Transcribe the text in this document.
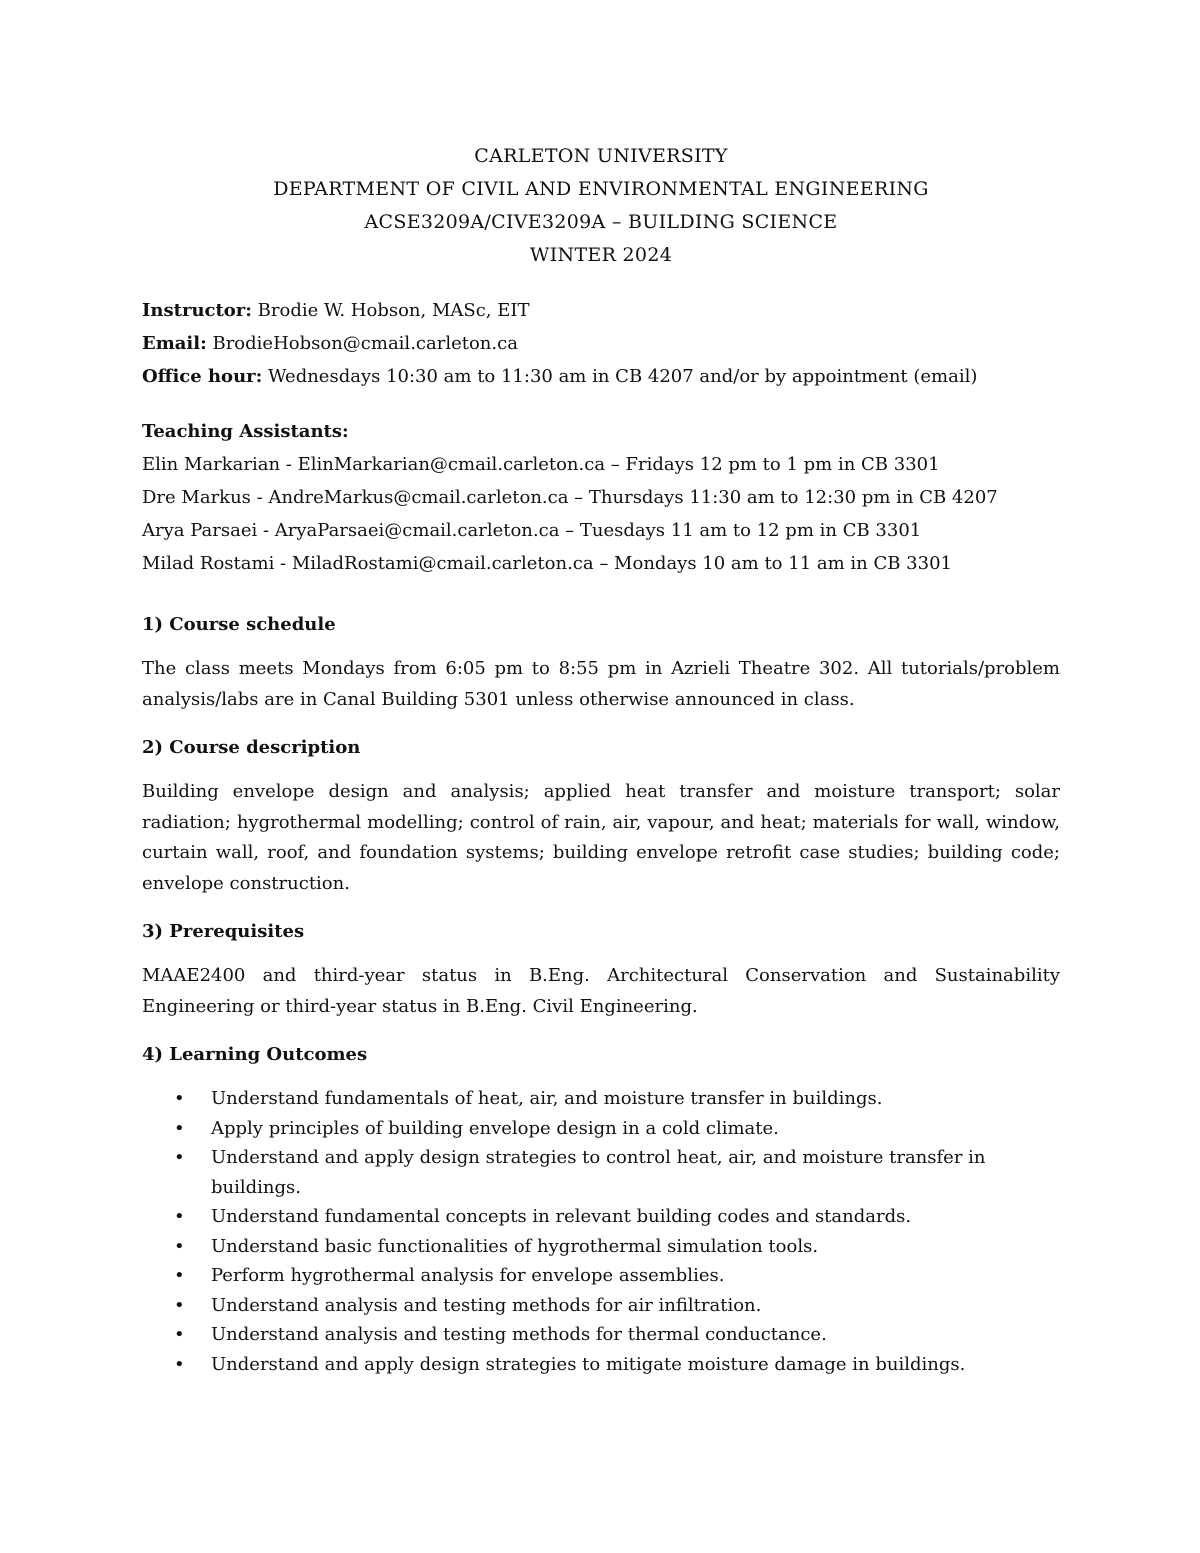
CARLETON UNIVERSITY
DEPARTMENT OF CIVIL AND ENVIRONMENTAL ENGINEERING
ACSE3209A/CIVE3209A – BUILDING SCIENCE
WINTER 2024
Instructor: Brodie W. Hobson, MASc, EIT
Email: BrodieHobson@cmail.carleton.ca
Office hour: Wednesdays 10:30 am to 11:30 am in CB 4207 and/or by appointment (email)
Teaching Assistants:
Elin Markarian - ElinMarkarian@cmail.carleton.ca – Fridays 12 pm to 1 pm in CB 3301
Dre Markus - AndreMarkus@cmail.carleton.ca – Thursdays 11:30 am to 12:30 pm in CB 4207
Arya Parsaei - AryaParsaei@cmail.carleton.ca – Tuesdays 11 am to 12 pm in CB 3301
Milad Rostami - MiladRostami@cmail.carleton.ca – Mondays 10 am to 11 am in CB 3301
1) Course schedule
The class meets Mondays from 6:05 pm to 8:55 pm in Azrieli Theatre 302. All tutorials/problem analysis/labs are in Canal Building 5301 unless otherwise announced in class.
2) Course description
Building envelope design and analysis; applied heat transfer and moisture transport; solar radiation; hygrothermal modelling; control of rain, air, vapour, and heat; materials for wall, window, curtain wall, roof, and foundation systems; building envelope retrofit case studies; building code; envelope construction.
3) Prerequisites
MAAE2400 and third-year status in B.Eng. Architectural Conservation and Sustainability Engineering or third-year status in B.Eng. Civil Engineering.
4) Learning Outcomes
• Understand fundamentals of heat, air, and moisture transfer in buildings.
• Apply principles of building envelope design in a cold climate.
• Understand and apply design strategies to control heat, air, and moisture transfer in buildings.
• Understand fundamental concepts in relevant building codes and standards.
• Understand basic functionalities of hygrothermal simulation tools.
• Perform hygrothermal analysis for envelope assemblies.
• Understand analysis and testing methods for air infiltration.
• Understand analysis and testing methods for thermal conductance.
• Understand and apply design strategies to mitigate moisture damage in buildings.
